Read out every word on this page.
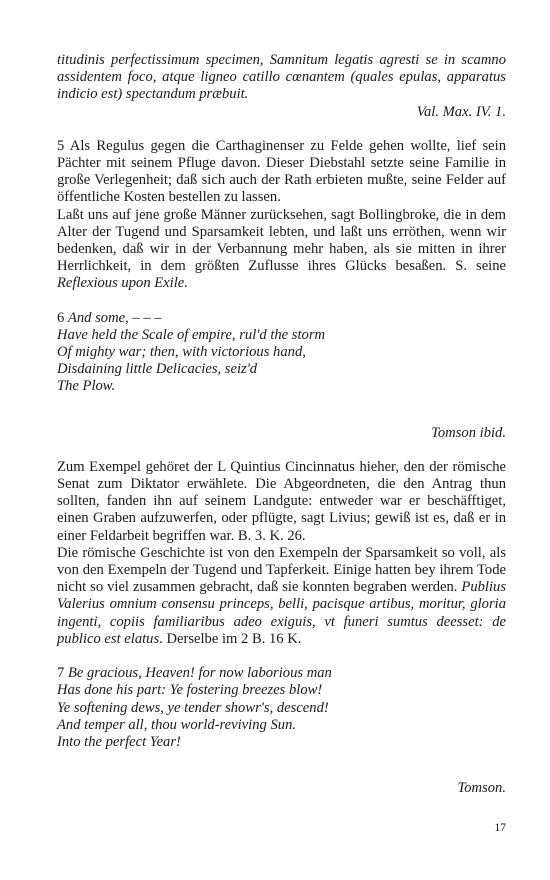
titudinis perfectissimum specimen, Samnitum legatis agresti se in scamno assidentem foco, atque ligneo catillo cœnantem (quales epulas, apparatus indicio est) spectandum præbuit.

Val. Max. IV. 1.

5 Als Regulus gegen die Carthaginenser zu Felde gehen wollte, lief sein Pächter mit seinem Pfluge davon. Dieser Diebstahl setzte seine Familie in große Verlegenheit; daß sich auch der Rath erbieten mußte, seine Felder auf öffentliche Kosten bestellen zu lassen.

Laßt uns auf jene große Männer zurücksehen, sagt Bollingbroke, die in dem Alter der Tugend und Sparsamkeit lebten, und laßt uns erröthen, wenn wir bedenken, daß wir in der Verbannung mehr haben, als sie mitten in ihrer Herrlichkeit, in dem größten Zuflusse ihres Glücks besaßen. S. seine Reflexious upon Exile.

6 And some, – – –

Have held the Scale of empire, rul'd the storm

Of mighty war; then, with victorious hand,

Disdaining little Delicacies, seiz'd

The Plow.

Tomson ibid.

Zum Exempel gehöret der L Quintius Cincinnatus hieher, den der römische Senat zum Diktator erwählete. Die Abgeordneten, die den Antrag thun sollten, fanden ihn auf seinem Landgute: entweder war er beschäfftiget, einen Graben aufzuwerfen, oder pflügte, sagt Livius; gewiß ist es, daß er in einer Feldarbeit begriffen war. B. 3. K. 26.

Die römische Geschichte ist von den Exempeln der Sparsamkeit so voll, als von den Exempeln der Tugend und Tapferkeit. Einige hatten bey ihrem Tode nicht so viel zusammen gebracht, daß sie konnten begraben werden. Publius Valerius omnium consensu princeps, belli, pacisque artibus, moritur, gloria ingenti, copiis familiaribus adeo exiguis, vt funeri sumtus deesset: de publico est elatus. Derselbe im 2 B. 16 K.

7 Be gracious, Heaven! for now laborious man

Has done his part: Ye fostering breezes blow!

Ye softening dews, ye tender showr's, descend!

And temper all, thou world-reviving Sun.

Into the perfect Year!

Tomson.

17
